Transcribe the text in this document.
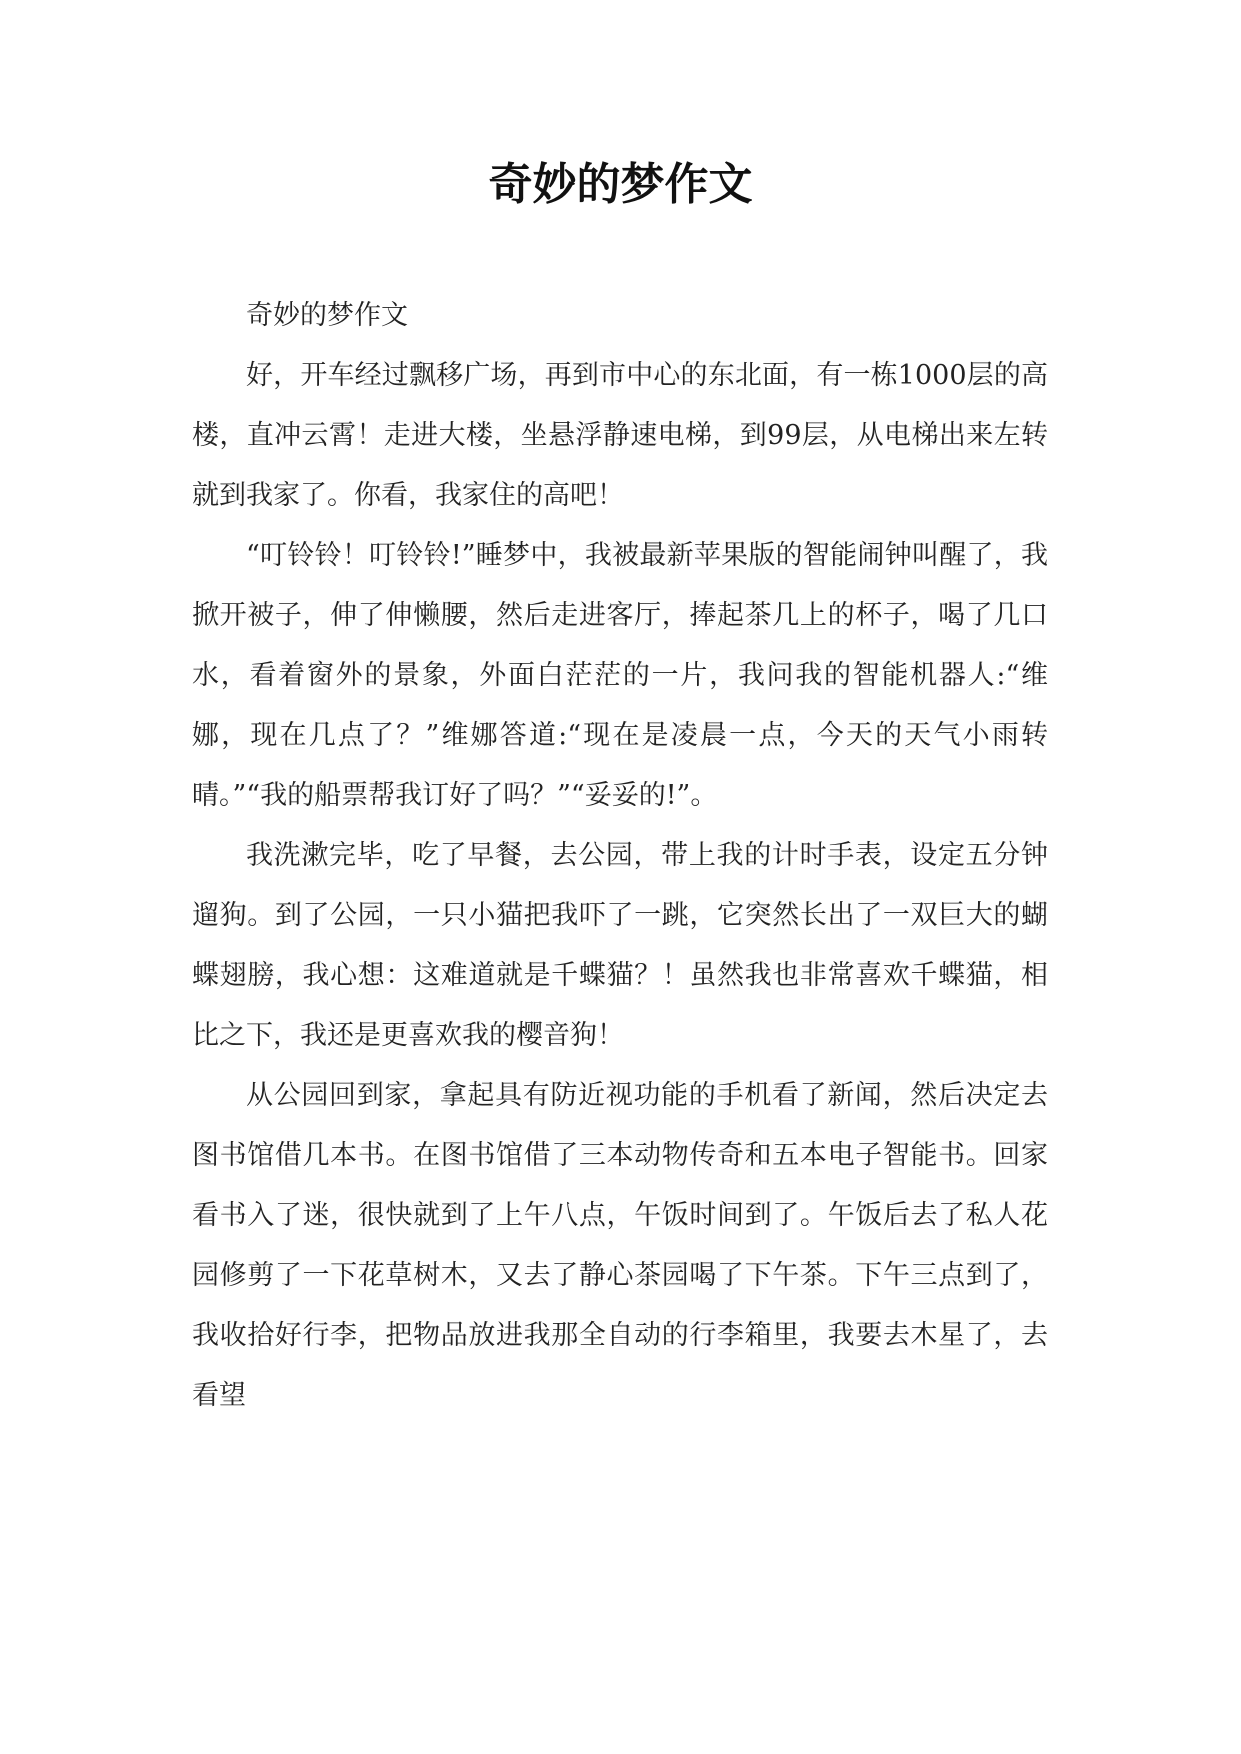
奇妙的梦作文

奇妙的梦作文

好，开车经过飘移广场，再到市中心的东北面，有一栋1000层的高楼，直冲云霄！走进大楼，坐悬浮静速电梯，到99层，从电梯出来左转就到我家了。你看，我家住的高吧！

“叮铃铃！叮铃铃!”睡梦中，我被最新苹果版的智能闹钟叫醒了，我掀开被子，伸了伸懒腰，然后走进客厅，捧起茶几上的杯子，喝了几口水，看着窗外的景象，外面白茫茫的一片，我问我的智能机器人:“维娜，现在几点了？”维娜答道:“现在是凌晨一点，今天的天气小雨转晴。”“我的船票帮我订好了吗？”“妥妥的!”。

我洗漱完毕，吃了早餐，去公园，带上我的计时手表，设定五分钟遛狗。到了公园，一只小猫把我吓了一跳，它突然长出了一双巨大的蝴蝶翅膀，我心想：这难道就是千蝶猫？！虽然我也非常喜欢千蝶猫，相比之下，我还是更喜欢我的樱音狗！

从公园回到家，拿起具有防近视功能的手机看了新闻，然后决定去图书馆借几本书。在图书馆借了三本动物传奇和五本电子智能书。回家看书入了迷，很快就到了上午八点，午饭时间到了。午饭后去了私人花园修剪了一下花草树木，又去了静心茶园喝了下午茶。下午三点到了，我收拾好行李，把物品放进我那全自动的行李箱里，我要去木星了，去看望
